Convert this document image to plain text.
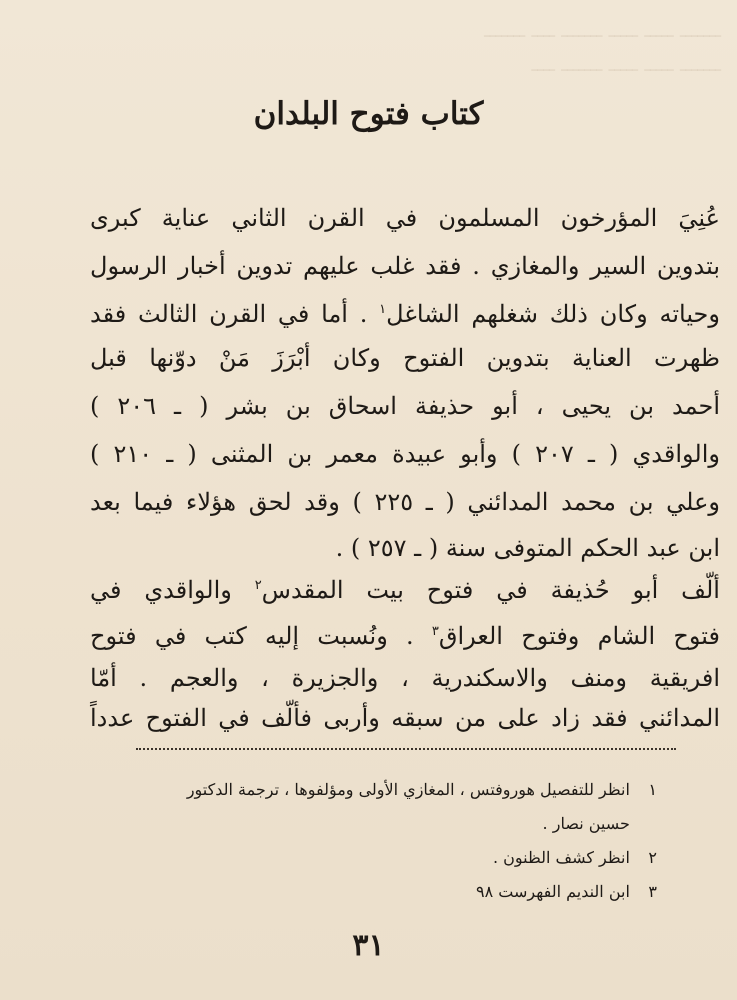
ـــــــ ـــــ ـــــ ـــــــ ــــ ـــــــ
ـــــــ ـــــ ـــــ ـــــــ ــــ
كتاب فتوح البلدان
عُنِيَ المؤرخون المسلمون في القرن الثاني عناية كبرى
بتدوين السير والمغازي . فقد غلب عليهم تدوين أخبار الرسول
وحياته وكان ذلك شغلهم الشاغل$^١$ . أما في القرن الثالث فقد
ظهرت العناية بتدوين الفتوح وكان أبْرَزَ مَنْ دوّنها قبل
أحمد بن يحيى ، أبو حذيفة اسحاق بن بشر ( ـ ٢٠٦ )
والواقدي ( ـ ٢٠٧ ) وأبو عبيدة معمر بن المثنى ( ـ ٢١٠ )
وعلي بن محمد المدائني ( ـ ٢٢٥ ) وقد لحق هؤلاء فيما بعد
ابن عبد الحكم المتوفى سنة ( ـ ٢٥٧ ) .
ألّف أبو حُذيفة في فتوح بيت المقدس$^٢$ والواقدي في
فتوح الشام وفتوح العراق$^٣$ . ونُسبت إليه كتب في فتوح
افريقية ومنف والاسكندرية ، والجزيرة ، والعجم . أمّا
المدائني فقد زاد على من سبقه وأربى فألّف في الفتوح عدداً
١ انظر للتفصيل هوروفتس ، المغازي الأولى ومؤلفوها ، ترجمة الدكتور
حسين نصار .
٢ انظر كشف الظنون .
٣ ابن النديم الفهرست ٩٨
٣١
